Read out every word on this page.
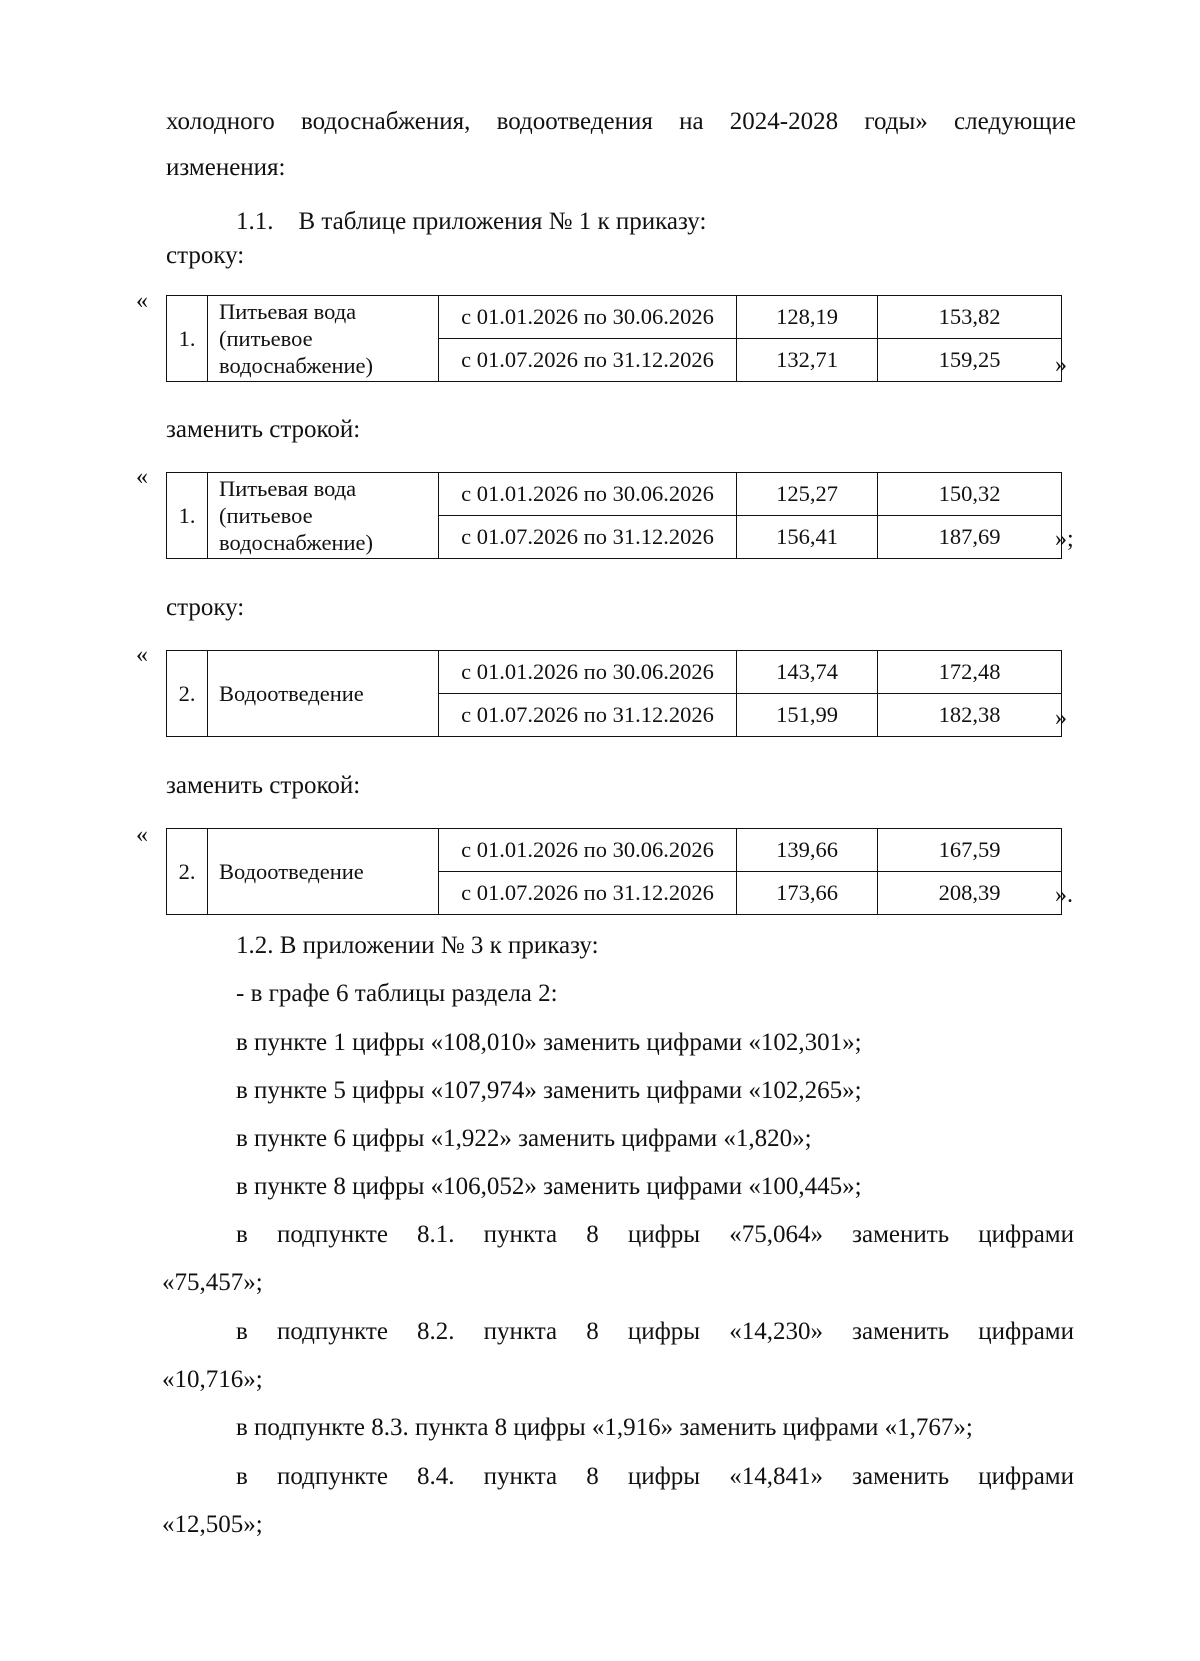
холодного водоснабжения, водоотведения на 2024-2028 годы» следующие
изменения:
1.1. В таблице приложения № 1 к приказу:
строку:
«
1.	Питьевая вода (питьевое водоснабжение)	с 01.01.2026 по 30.06.2026	128,19	153,82
		с 01.07.2026 по 31.12.2026	132,71	159,25 »
заменить строкой:
«
1.	Питьевая вода (питьевое водоснабжение)	с 01.01.2026 по 30.06.2026	125,27	150,32
		с 01.07.2026 по 31.12.2026	156,41	187,69 »;
строку:
«
2.	Водоотведение	с 01.01.2026 по 30.06.2026	143,74	172,48
		с 01.07.2026 по 31.12.2026	151,99	182,38 »
заменить строкой:
«
2.	Водоотведение	с 01.01.2026 по 30.06.2026	139,66	167,59
		с 01.07.2026 по 31.12.2026	173,66	208,39 ».
1.2. В приложении № 3 к приказу:
- в графе 6 таблицы раздела 2:
в пункте 1 цифры «108,010» заменить цифрами «102,301»;
в пункте 5 цифры «107,974» заменить цифрами «102,265»;
в пункте 6 цифры «1,922» заменить цифрами «1,820»;
в пункте 8 цифры «106,052» заменить цифрами «100,445»;
в подпункте 8.1. пункта 8 цифры «75,064» заменить цифрами
«75,457»;
в подпункте 8.2. пункта 8 цифры «14,230» заменить цифрами
«10,716»;
в подпункте 8.3. пункта 8 цифры «1,916» заменить цифрами «1,767»;
в подпункте 8.4. пункта 8 цифры «14,841» заменить цифрами
«12,505»;
